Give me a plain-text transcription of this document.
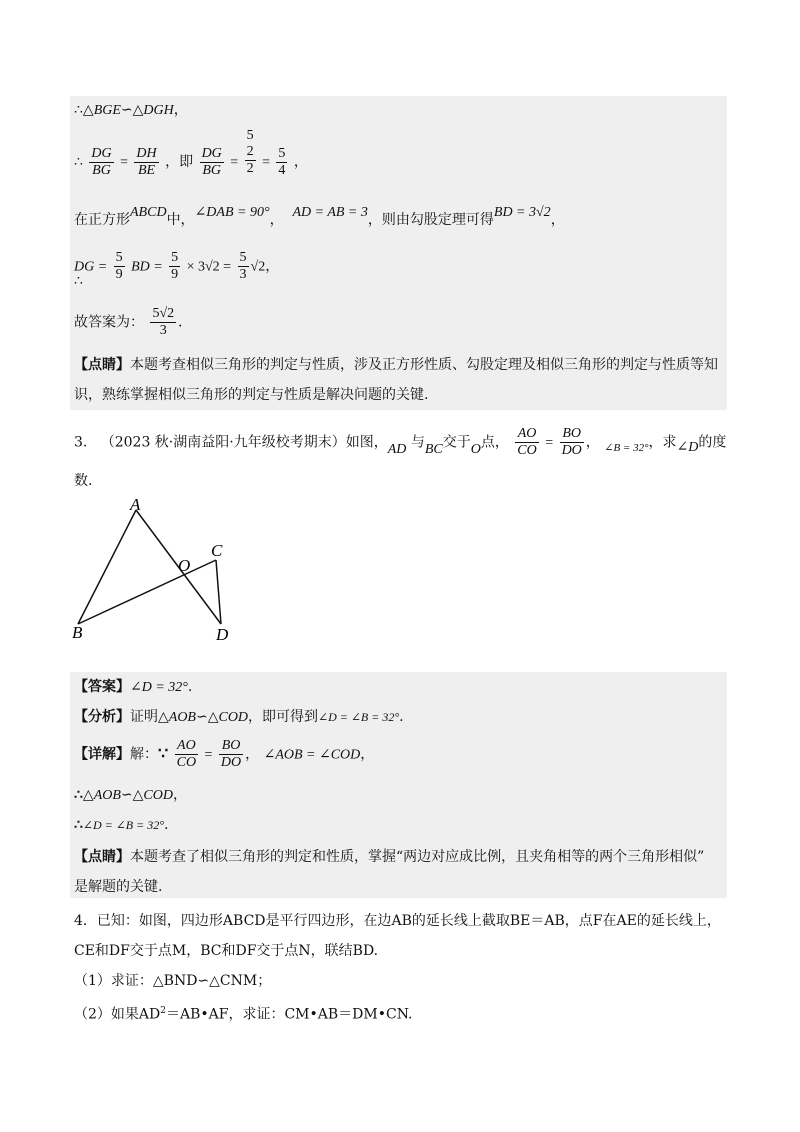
∴△BGE∽△DGH，
∴ $\frac{DG}{BG} = \frac{DH}{BE}$ ，即 $\frac{DG}{BG}$ =
5
2
$2 = \frac{5}{4}$ ，
在正方形ABCD中，∠DAB = 90°， AD = AB = 3，则由勾股定理可得BD = 3√2，
DG = $\frac{5}{9}$ BD = $\frac{5}{9} \times 3√2 = \frac{5}{3} √2$，
∴
故答案为： $\frac{5√2}{3}$ ．
【点睛】本题考查相似三角形的判定与性质，涉及正方形性质、勾股定理及相似三角形的判定与性质等知
识，熟练掌握相似三角形的判定与性质是解决问题的关键.
3. （2023 秋·湖南益阳·九年级校考期末）如图，AD 与BC交于O点， $\frac{AO}{CO} = \frac{BO}{DO}$ ， $_{\angle B = 32^\circ}$，求∠D的度
数.
A
B
C
D
O
【答案】∠D = 32°.
【分析】证明△AOB∽△COD，即可得到∠D = ∠B = 32°.
【详解】解：∵ $\frac{AO}{CO} = \frac{BO}{DO}$ ， ∠AOB = ∠COD，
∴△AOB∽△COD，
∴∠D = ∠B = 32°.
【点睛】本题考查了相似三角形的判定和性质，掌握“两边对应成比例，且夹角相等的两个三角形相似”
是解题的关键.
4．已知：如图，四边形ABCD是平行四边形，在边AB的延长线上截取BE＝AB，点F在AE的延长线上，
CE和DF交于点M，BC和DF交于点N，联结BD.
（1）求证：△BND∽△CNM；
（2）如果$AD^2=AB•AF$，求证：CM•AB＝DM•CN.
